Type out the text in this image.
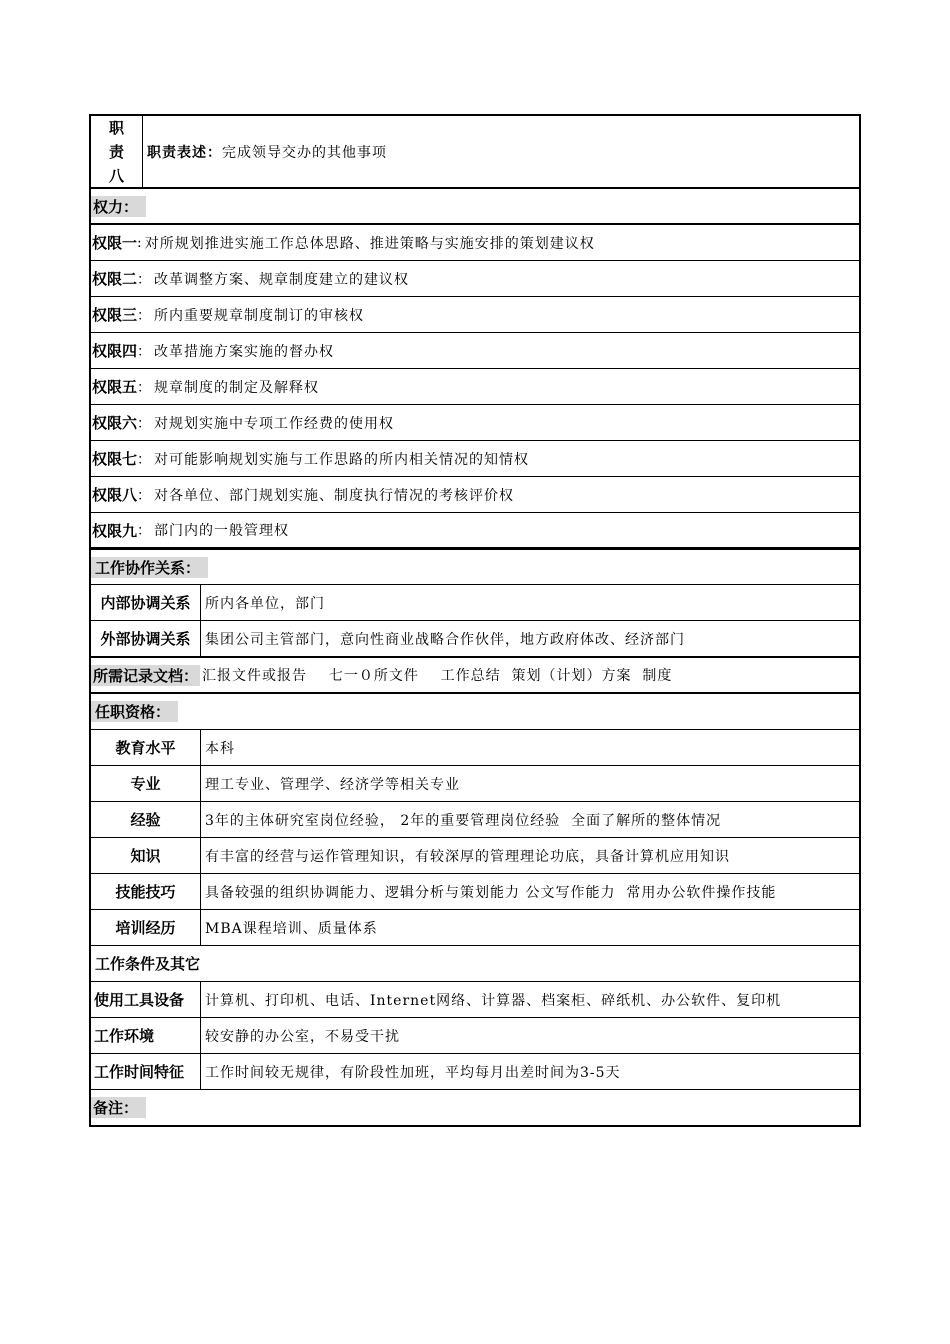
职
责
八
职责表述： 完成领导交办的其他事项
权力：
权限一 : 对所规划推进实施工作总体思路、推进策略与实施安排的策划建议权
权限二 ： 改革调整方案、规章制度建立的建议权
权限三 ： 所内重要规章制度制订的审核权
权限四 ： 改革措施方案实施的督办权
权限五 ： 规章制度的制定及解释权
权限六 ： 对规划实施中专项工作经费的使用权
权限七 ： 对可能影响规划实施与工作思路的所内相关情况的知情权
权限八 ： 对各单位、部门规划实施、制度执行情况的考核评价权
权限九 ： 部门内的一般管理权
工作协作关系：
内部协调关系	所内各单位，部门
外部协调关系	集团公司主管部门，意向性商业战略合作伙伴，地方政府体改、经济部门
所需记录文档： 汇报文件或报告    七一０所文件    工作总结  策划（计划）方案  制度
任职资格：
教育水平	本科
专业	理工专业、管理学、经济学等相关专业
经验	3年的主体研究室岗位经验， 2年的重要管理岗位经验  全面了解所的整体情况
知识	有丰富的经营与运作管理知识，有较深厚的管理理论功底，具备计算机应用知识
技能技巧	具备较强的组织协调能力、逻辑分析与策划能力 公文写作能力  常用办公软件操作技能
培训经历	MBA课程培训、质量体系
工作条件及其它
使用工具设备	计算机、打印机、电话、Internet网络、计算器、档案柜、碎纸机、办公软件、复印机
工作环境	较安静的办公室，不易受干扰
工作时间特征	工作时间较无规律，有阶段性加班，平均每月出差时间为3-5天
备注：
